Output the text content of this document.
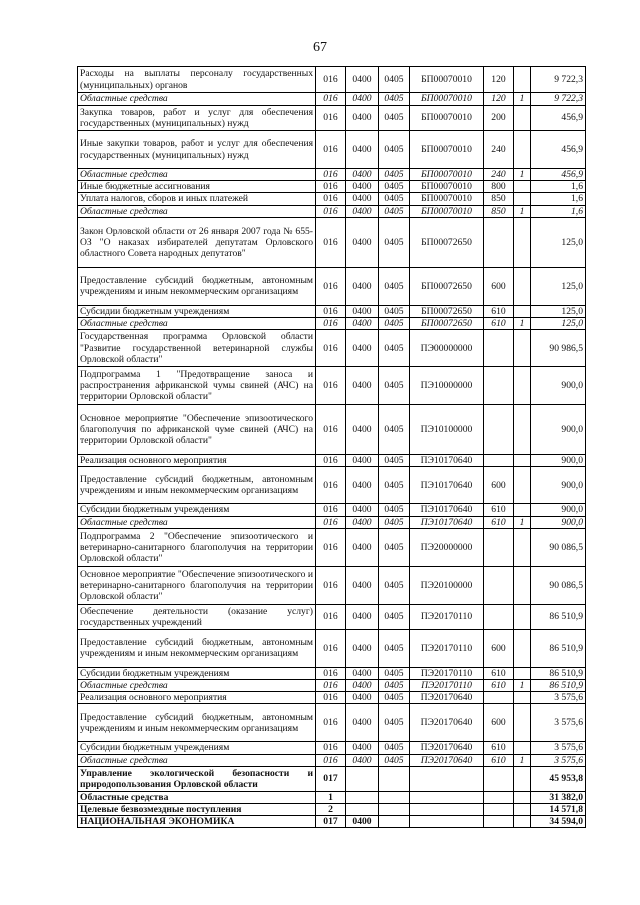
67
Расходы на выплаты персоналу государственных (муниципальных) органов	016	0400	0405	БП00070010	120		9 722,3
Областные средства	016	0400	0405	БП00070010	120	1	9 722,3
Закупка товаров, работ и услуг для обеспечения государственных (муниципальных) нужд	016	0400	0405	БП00070010	200		456,9
Иные закупки товаров, работ и услуг для обеспечения государственных (муниципальных) нужд	016	0400	0405	БП00070010	240		456,9
Областные средства	016	0400	0405	БП00070010	240	1	456,9
Иные бюджетные ассигнования	016	0400	0405	БП00070010	800		1,6
Уплата налогов, сборов и иных платежей	016	0400	0405	БП00070010	850		1,6
Областные средства	016	0400	0405	БП00070010	850	1	1,6
Закон Орловской области от 26 января 2007 года № 655-ОЗ "О наказах избирателей депутатам Орловского областного Совета народных депутатов"	016	0400	0405	БП00072650			125,0
Предоставление субсидий бюджетным, автономным учреждениям и иным некоммерческим организациям	016	0400	0405	БП00072650	600		125,0
Субсидии бюджетным учреждениям	016	0400	0405	БП00072650	610		125,0
Областные средства	016	0400	0405	БП00072650	610	1	125,0
Государственная программа Орловской области "Развитие государственной ветеринарной службы Орловской области"	016	0400	0405	ПЭ00000000			90 986,5
Подпрограмма 1 "Предотвращение заноса и распространения африканской чумы свиней (АЧС) на территории Орловской области"	016	0400	0405	ПЭ10000000			900,0
Основное мероприятие "Обеспечение эпизоотического благополучия по африканской чуме свиней (АЧС) на территории Орловской области"	016	0400	0405	ПЭ10100000			900,0
Реализация основного мероприятия	016	0400	0405	ПЭ10170640			900,0
Предоставление субсидий бюджетным, автономным учреждениям и иным некоммерческим организациям	016	0400	0405	ПЭ10170640	600		900,0
Субсидии бюджетным учреждениям	016	0400	0405	ПЭ10170640	610		900,0
Областные средства	016	0400	0405	ПЭ10170640	610	1	900,0
Подпрограмма 2 "Обеспечение эпизоотического и ветеринарно-санитарного благополучия на территории Орловской области"	016	0400	0405	ПЭ20000000			90 086,5
Основное мероприятие "Обеспечение эпизоотического и ветеринарно-санитарного благополучия на территории Орловской области"	016	0400	0405	ПЭ20100000			90 086,5
Обеспечение деятельности (оказание услуг) государственных учреждений	016	0400	0405	ПЭ20170110			86 510,9
Предоставление субсидий бюджетным, автономным учреждениям и иным некоммерческим организациям	016	0400	0405	ПЭ20170110	600		86 510,9
Субсидии бюджетным учреждениям	016	0400	0405	ПЭ20170110	610		86 510,9
Областные средства	016	0400	0405	ПЭ20170110	610	1	86 510,9
Реализация основного мероприятия	016	0400	0405	ПЭ20170640			3 575,6
Предоставление субсидий бюджетным, автономным учреждениям и иным некоммерческим организациям	016	0400	0405	ПЭ20170640	600		3 575,6
Субсидии бюджетным учреждениям	016	0400	0405	ПЭ20170640	610		3 575,6
Областные средства	016	0400	0405	ПЭ20170640	610	1	3 575,6
Управление экологической безопасности и природопользования Орловской области	017						45 953,8
Областные средства	1						31 382,0
Целевые безвозмездные поступления	2						14 571,8
НАЦИОНАЛЬНАЯ ЭКОНОМИКА	017	0400					34 594,0
